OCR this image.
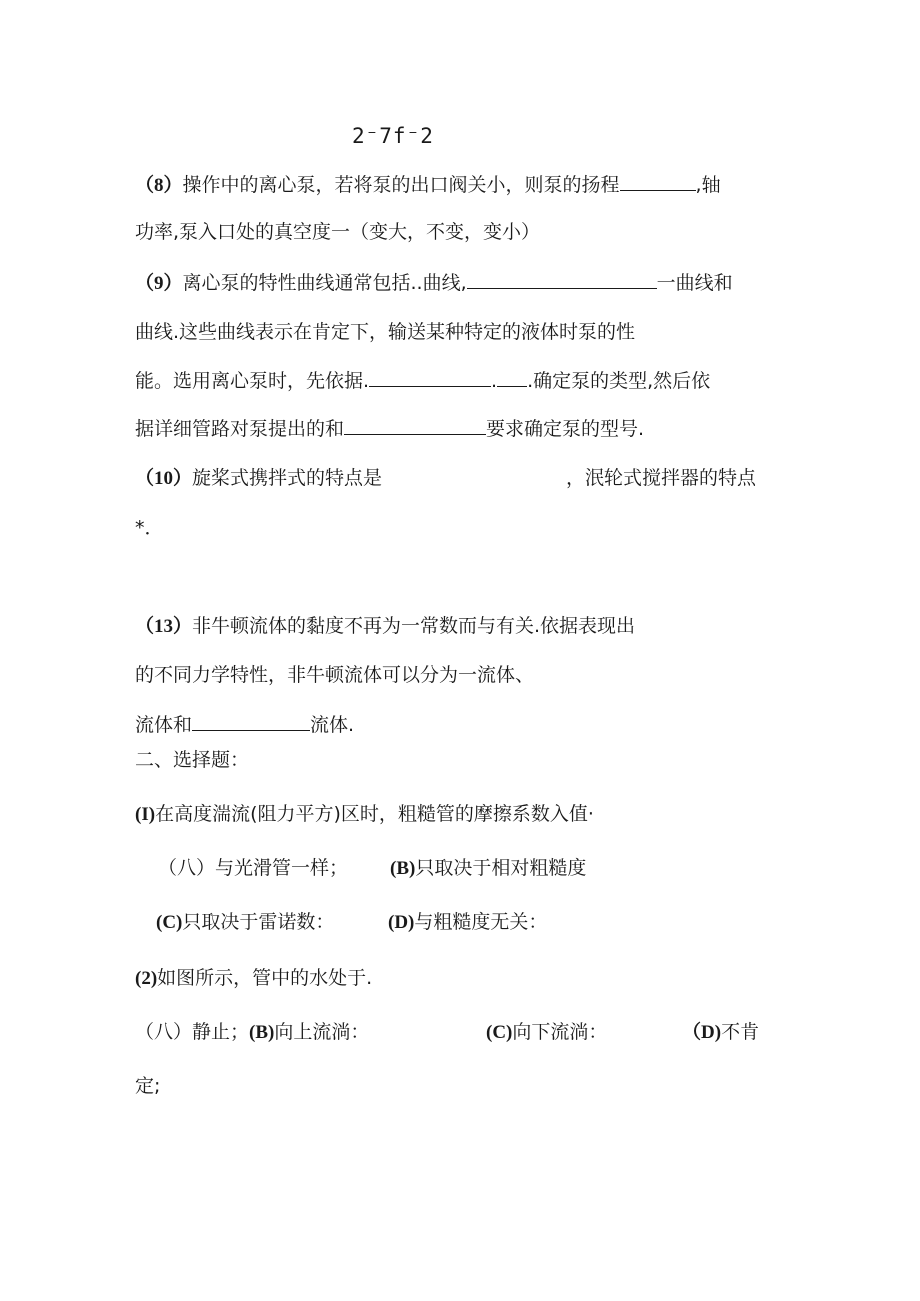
2⁻7f⁻2
（8）操作中的离心泵，若将泵的出口阀关小，则泵的扬程	,轴
功率,泵入口处的真空度一（变大，不变，变小）
（9）离心泵的特性曲线通常包括..曲线,	一曲线和
曲线.这些曲线表示在肯定下，输送某种特定的液体时泵的性
能。选用离心泵时，先依据.	. .确定泵的类型,然后依
据详细管路对泵提出的和	要求确定泵的型号.
（10）旋桨式携拌式的特点是	，泯轮式搅拌器的特点
*．
（13）非牛顿流体的黏度不再为一常数而与有关.依据表现出
的不同力学特性，非牛顿流体可以分为一流体、
流体和	流体.
二、选择题：
(I)在高度湍流(阻力平方)区时，粗糙管的摩擦系数入值·
（八）与光滑管一样； (B)只取决于相对粗糙度
(C)只取决于雷诺数：	(D)与粗糙度无关：
(2)如图所示，管中的水处于.
（八）静止；(B)向上流淌：	(C)向下流淌：	（D)不肯
定;
